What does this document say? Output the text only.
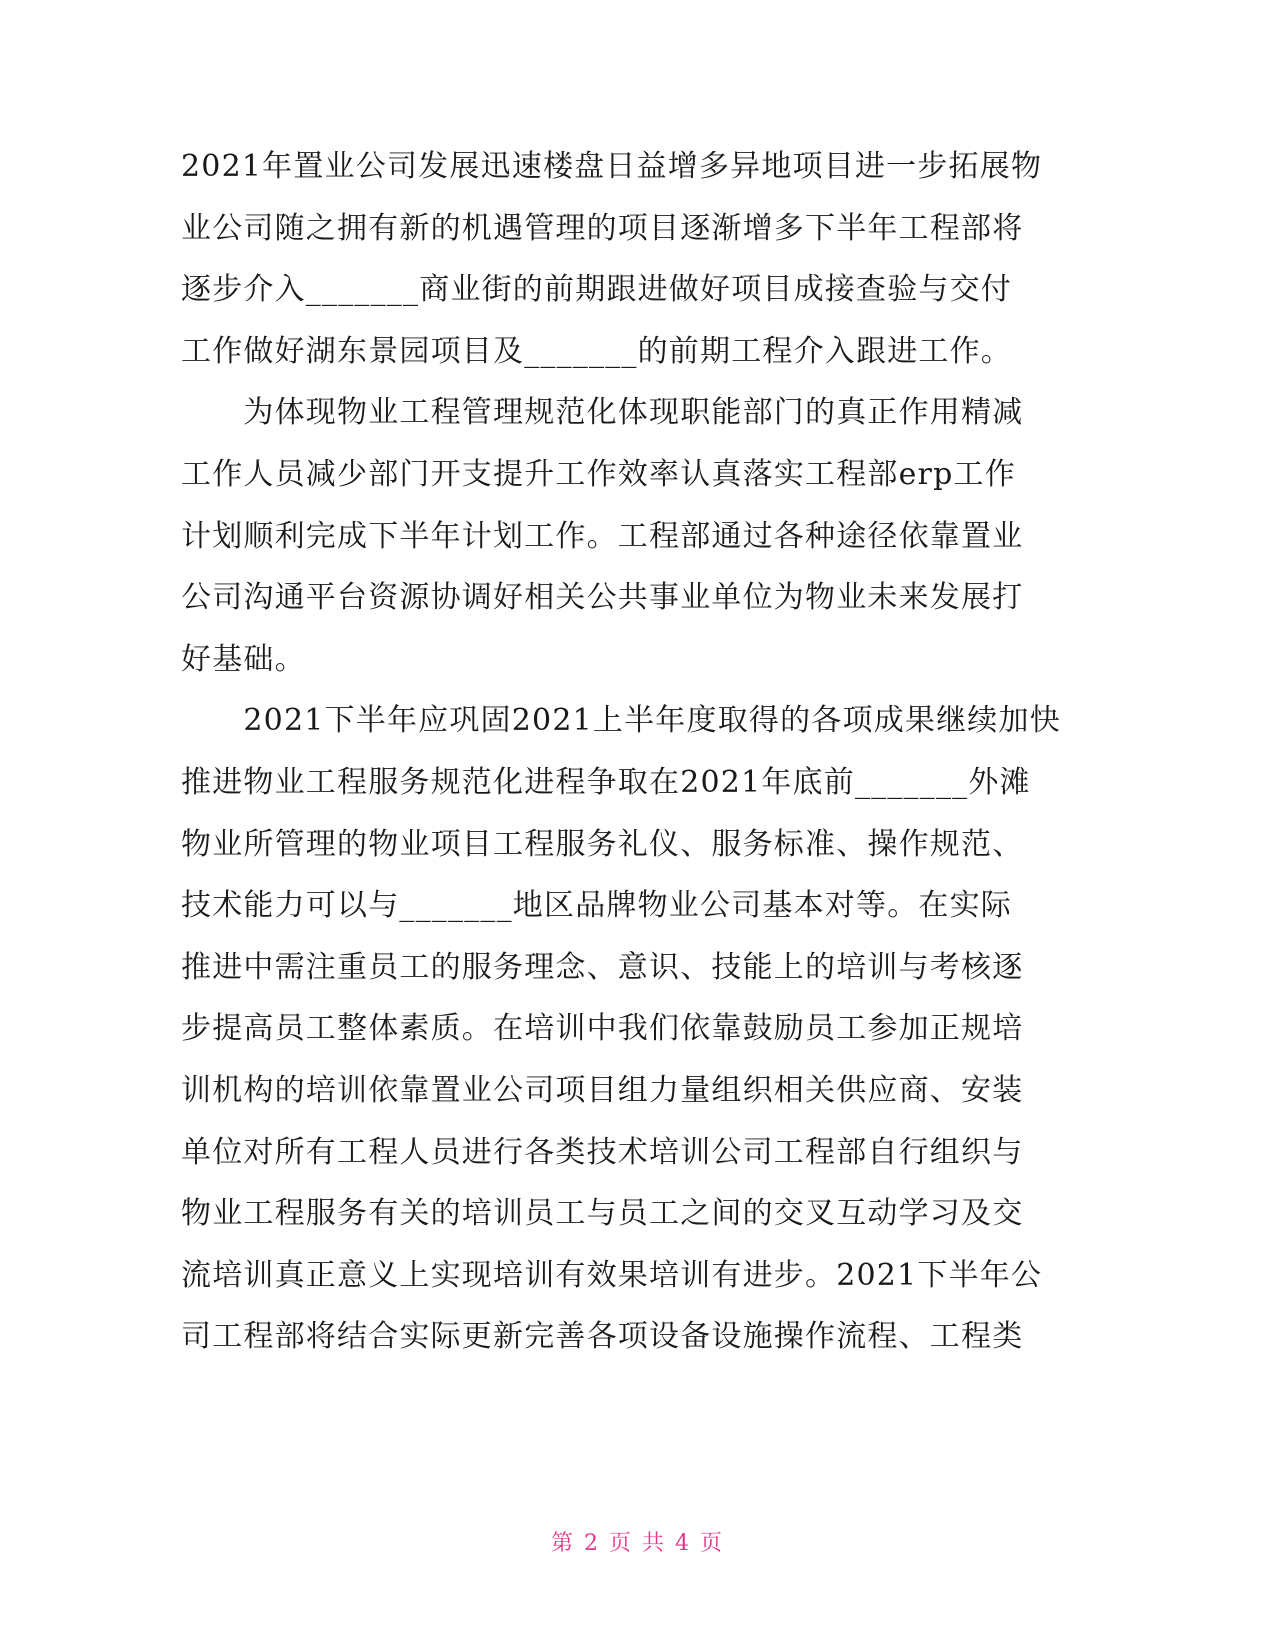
2021年置业公司发展迅速楼盘日益增多异地项目进一步拓展物
业公司随之拥有新的机遇管理的项目逐渐增多下半年工程部将
逐步介入_______商业街的前期跟进做好项目成接查验与交付
工作做好湖东景园项目及_______的前期工程介入跟进工作。
　　为体现物业工程管理规范化体现职能部门的真正作用精减
工作人员减少部门开支提升工作效率认真落实工程部erp工作
计划顺利完成下半年计划工作。工程部通过各种途径依靠置业
公司沟通平台资源协调好相关公共事业单位为物业未来发展打
好基础。
　　2021下半年应巩固2021上半年度取得的各项成果继续加快
推进物业工程服务规范化进程争取在2021年底前_______外滩
物业所管理的物业项目工程服务礼仪、服务标准、操作规范、
技术能力可以与_______地区品牌物业公司基本对等。在实际
推进中需注重员工的服务理念、意识、技能上的培训与考核逐
步提高员工整体素质。在培训中我们依靠鼓励员工参加正规培
训机构的培训依靠置业公司项目组力量组织相关供应商、安装
单位对所有工程人员进行各类技术培训公司工程部自行组织与
物业工程服务有关的培训员工与员工之间的交叉互动学习及交
流培训真正意义上实现培训有效果培训有进步。2021下半年公
司工程部将结合实际更新完善各项设备设施操作流程、工程类
第 2 页 共 4 页
